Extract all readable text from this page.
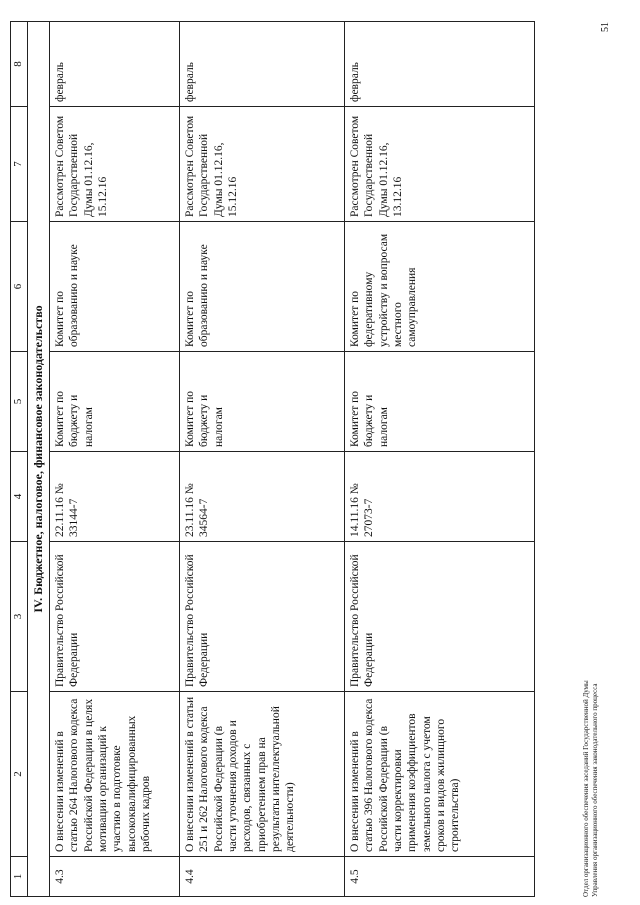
1	2	3	4	5	6	7	8
IV. Бюджетное, налоговое, финансовое законодательство							
4.3	О внесении изменений в статью 264 Налогового кодекса Российской Федерации в целях мотивации организаций к участию в подготовке высококвалифицированных рабочих кадров	Правительство Российской Федерации	22.11.16 № 33144-7	Комитет по бюджету и налогам	Комитет по образованию и науке	Рассмотрен Советом Государственной Думы 01.12.16, 15.12.16	февраль
4.4	О внесении изменений в статьи 251 и 262 Налогового кодекса Российской Федерации (в части уточнения доходов и расходов, связанных с приобретением прав на результаты интеллектуальной деятельности)	Правительство Российской Федерации	23.11.16 № 34564-7	Комитет по бюджету и налогам	Комитет по образованию и науке	Рассмотрен Советом Государственной Думы 01.12.16, 15.12.16	февраль
4.5	О внесении изменений в статью 396 Налогового кодекса Российской Федерации (в части корректировки применения коэффициентов земельного налога с учетом сроков и видов жилищного строительства)	Правительство Российской Федерации	14.11.16 № 27073-7	Комитет по бюджету и налогам	Комитет по федеративному устройству и вопросам местного самоуправления	Рассмотрен Советом Государственной Думы 01.12.16, 13.12.16	февраль
Отдел организационного обеспечения заседаний Государственной Думы Управления организационного обеспечения законодательного процесса
51
